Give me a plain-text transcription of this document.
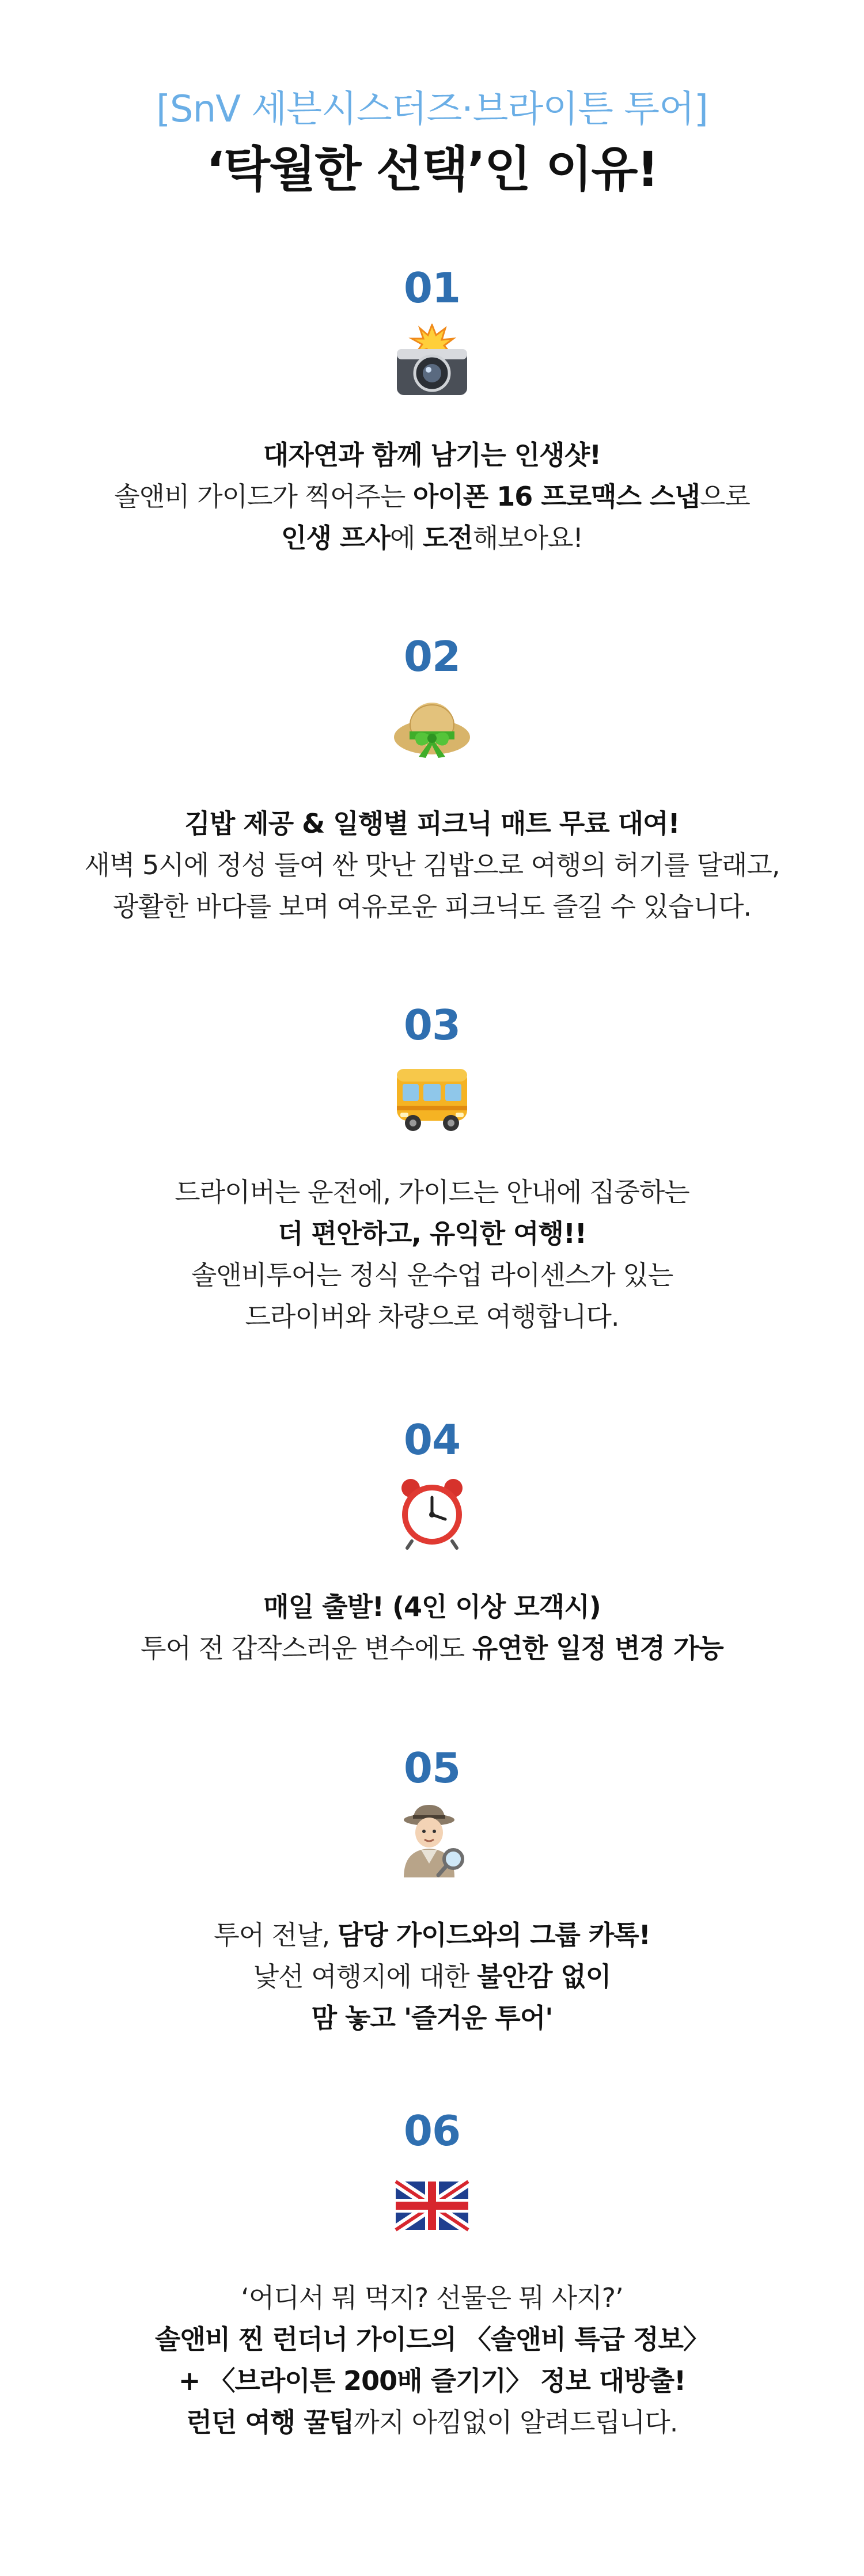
[SnV 세븐시스터즈·브라이튼 투어]
‘탁월한 선택’인 이유!
01
대자연과 함께 남기는 인생샷!
솔앤비 가이드가 찍어주는 아이폰 16 프로맥스 스냅으로
인생 프사에 도전해보아요!
02
김밥 제공 & 일행별 피크닉 매트 무료 대여!
새벽 5시에 정성 들여 싼 맛난 김밥으로 여행의 허기를 달래고,
광활한 바다를 보며 여유로운 피크닉도 즐길 수 있습니다.
03
드라이버는 운전에, 가이드는 안내에 집중하는
더 편안하고, 유익한 여행!!
솔앤비투어는 정식 운수업 라이센스가 있는
드라이버와 차량으로 여행합니다.
04
매일 출발! (4인 이상 모객시)
투어 전 갑작스러운 변수에도 유연한 일정 변경 가능
05
투어 전날, 담당 가이드와의 그룹 카톡!
낯선 여행지에 대한 불안감 없이
맘 놓고 '즐거운 투어'
06
‘어디서 뭐 먹지? 선물은 뭐 사지?’
솔앤비 찐 런더너 가이드의 〈솔앤비 특급 정보〉
+ 〈브라이튼 200배 즐기기〉 정보 대방출!
런던 여행 꿀팁까지 아낌없이 알려드립니다.
